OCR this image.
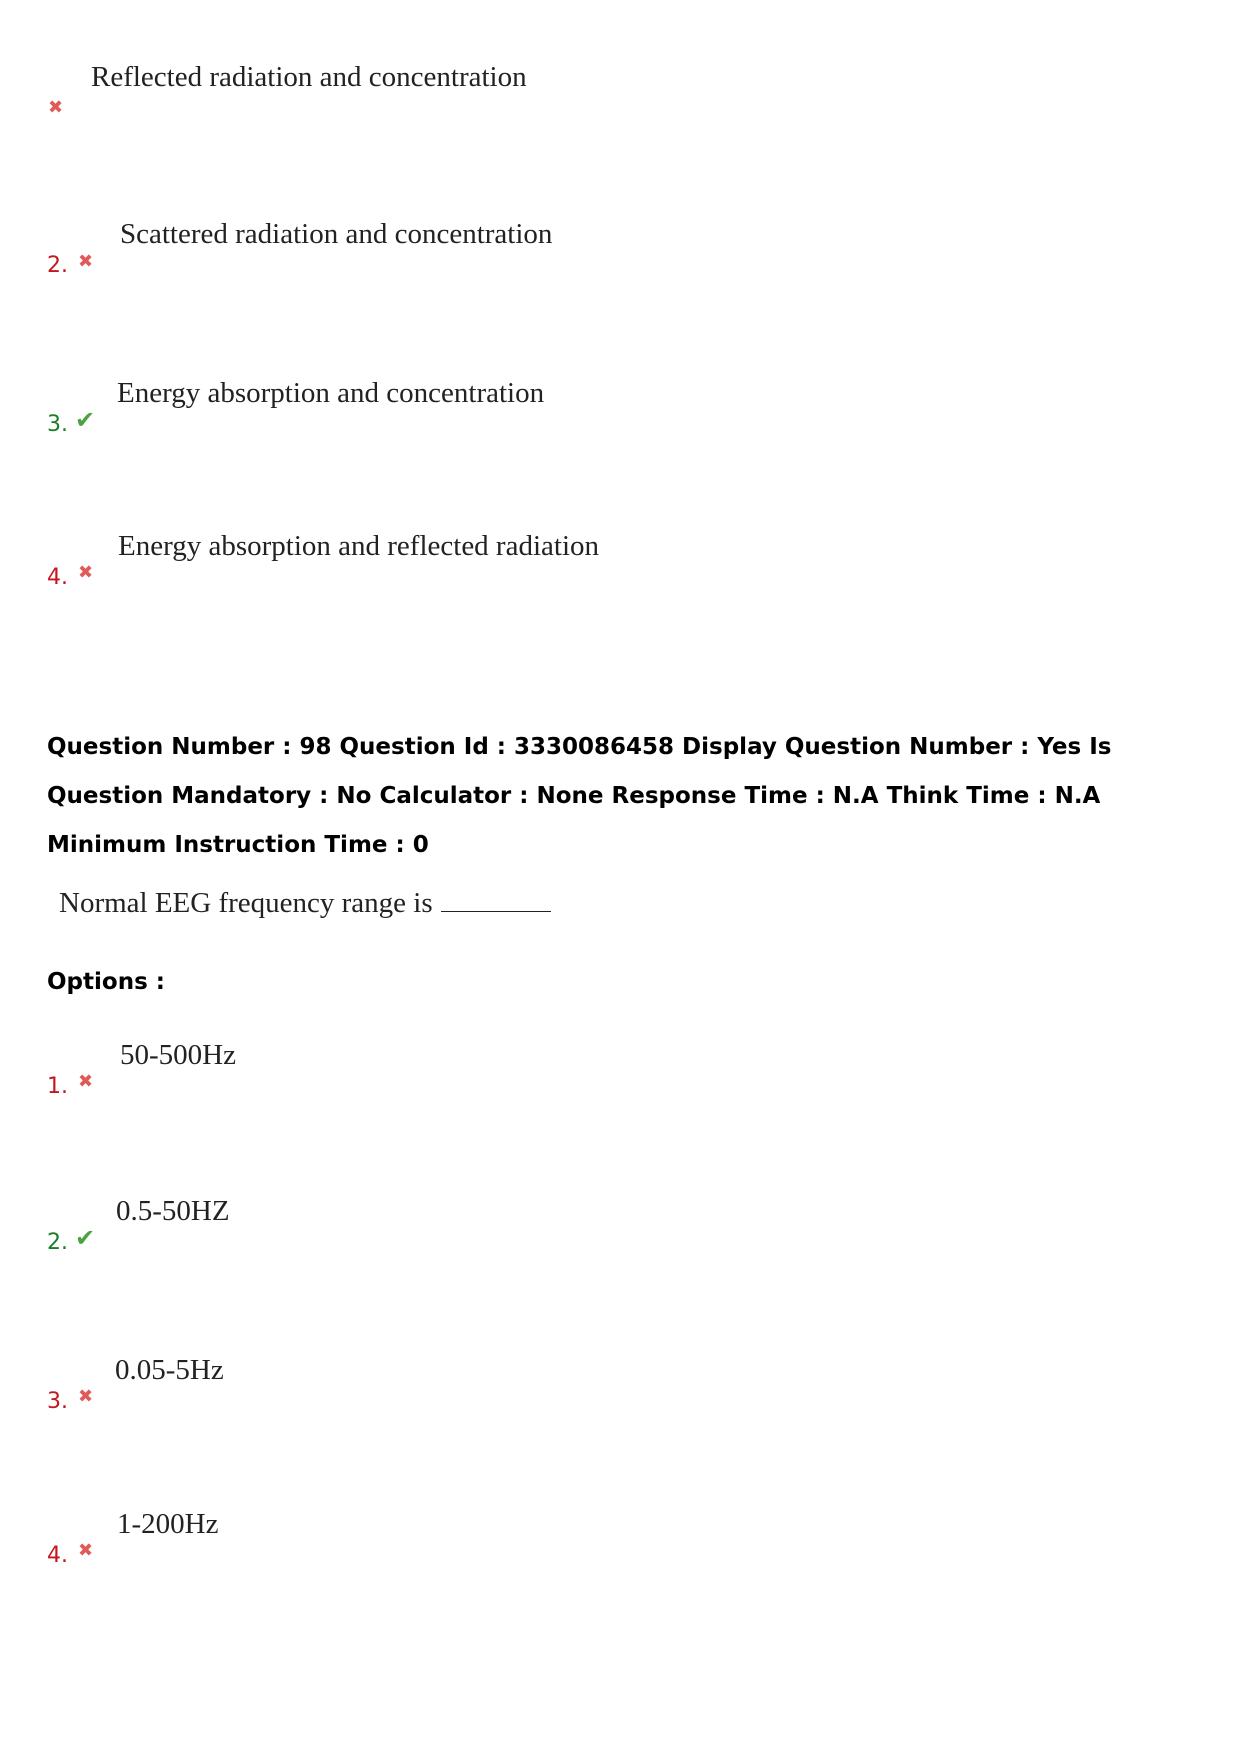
✖
Reflected radiation and concentration
2. ✖
Scattered radiation and concentration
3. ✔
Energy absorption and concentration
4. ✖
Energy absorption and reflected radiation

Question Number : 98 Question Id : 3330086458 Display Question Number : Yes Is Question Mandatory : No Calculator : None Response Time : N.A Think Time : N.A Minimum Instruction Time : 0

Normal EEG frequency range is
Options :
1. ✖
50-500Hz
2. ✔
0.5-50HZ
3. ✖
0.05-5Hz
4. ✖
1-200Hz
